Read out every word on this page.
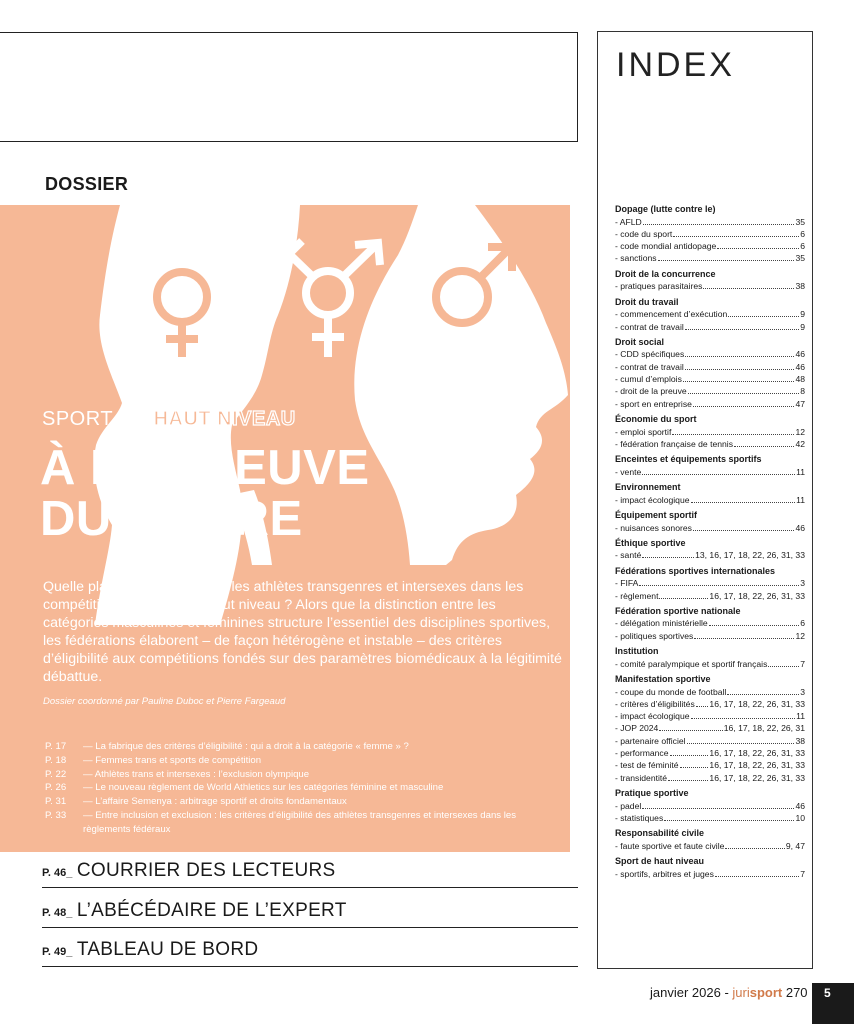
INDEX
Dopage (lutte contre le)
- AFLD	35
- code du sport	6
- code mondial antidopage	6
- sanctions	35
Droit de la concurrence
- pratiques parasitaires	38
Droit du travail
- commencement d’exécution	9
- contrat de travail	9
Droit social
- CDD spécifiques	46
- contrat de travail	46
- cumul d’emplois	48
- droit de la preuve	8
- sport en entreprise	47
Économie du sport
- emploi sportif	12
- fédération française de tennis	42
Enceintes et équipements sportifs
- vente	11
Environnement
- impact écologique	11
Équipement sportif
- nuisances sonores	46
Éthique sportive
- santé	13, 16, 17, 18, 22, 26, 31, 33
Fédérations sportives internationales
- FIFA	3
- règlement	16, 17, 18, 22, 26, 31, 33
Fédération sportive nationale
- délégation ministérielle	6
- politiques sportives	12
Institution
- comité paralympique et sportif français	7
Manifestation sportive
- coupe du monde de football	3
- critères d’éligibilités 16, 17, 18, 22, 26, 31, 33
- impact écologique	11
- JOP 2024	16, 17, 18, 22, 26, 31
- partenaire officiel	38
- performance	16, 17, 18, 22, 26, 31, 33
- test de féminité	16, 17, 18, 22, 26, 31, 33
- transidentité	16, 17, 18, 22, 26, 31, 33
Pratique sportive
- padel	46
- statistiques	10
Responsabilité civile
- faute sportive et faute civile	9, 47
Sport de haut niveau
- sportifs, arbitres et juges	7
DOSSIER
SPORT DE HAUT NIVEAU
À L’ÉPREUVE
DU GENRE
Quelle place aujourd’hui pour les athlètes transgenres et intersexes dans les compétitions sportives de haut niveau ? Alors que la distinction entre les catégories masculines et féminines structure l’essentiel des disciplines sportives, les fédérations élaborent – de façon hétérogène et instable – des critères d’éligibilité aux compétitions fondés sur des paramètres biomédicaux à la légitimité débattue.
Dossier coordonné par Pauline Duboc et Pierre Fargeaud
P. 17	— La fabrique des critères d’éligibilité : qui a droit à la catégorie « femme » ?
P. 18	— Femmes trans et sports de compétition
P. 22	— Athlètes trans et intersexes : l’exclusion olympique
P. 26	— Le nouveau règlement de World Athletics sur les catégories féminine et masculine
P. 31	— L’affaire Semenya : arbitrage sportif et droits fondamentaux
P. 33	— Entre inclusion et exclusion : les critères d’éligibilité des athlètes transgenres et intersexes dans les règlements fédéraux
P. 46_ COURRIER DES LECTEURS
P. 48_ L’ABÉCÉDAIRE DE L’EXPERT
P. 49_ TABLEAU DE BORD
janvier 2026 - jurisport 270	5
